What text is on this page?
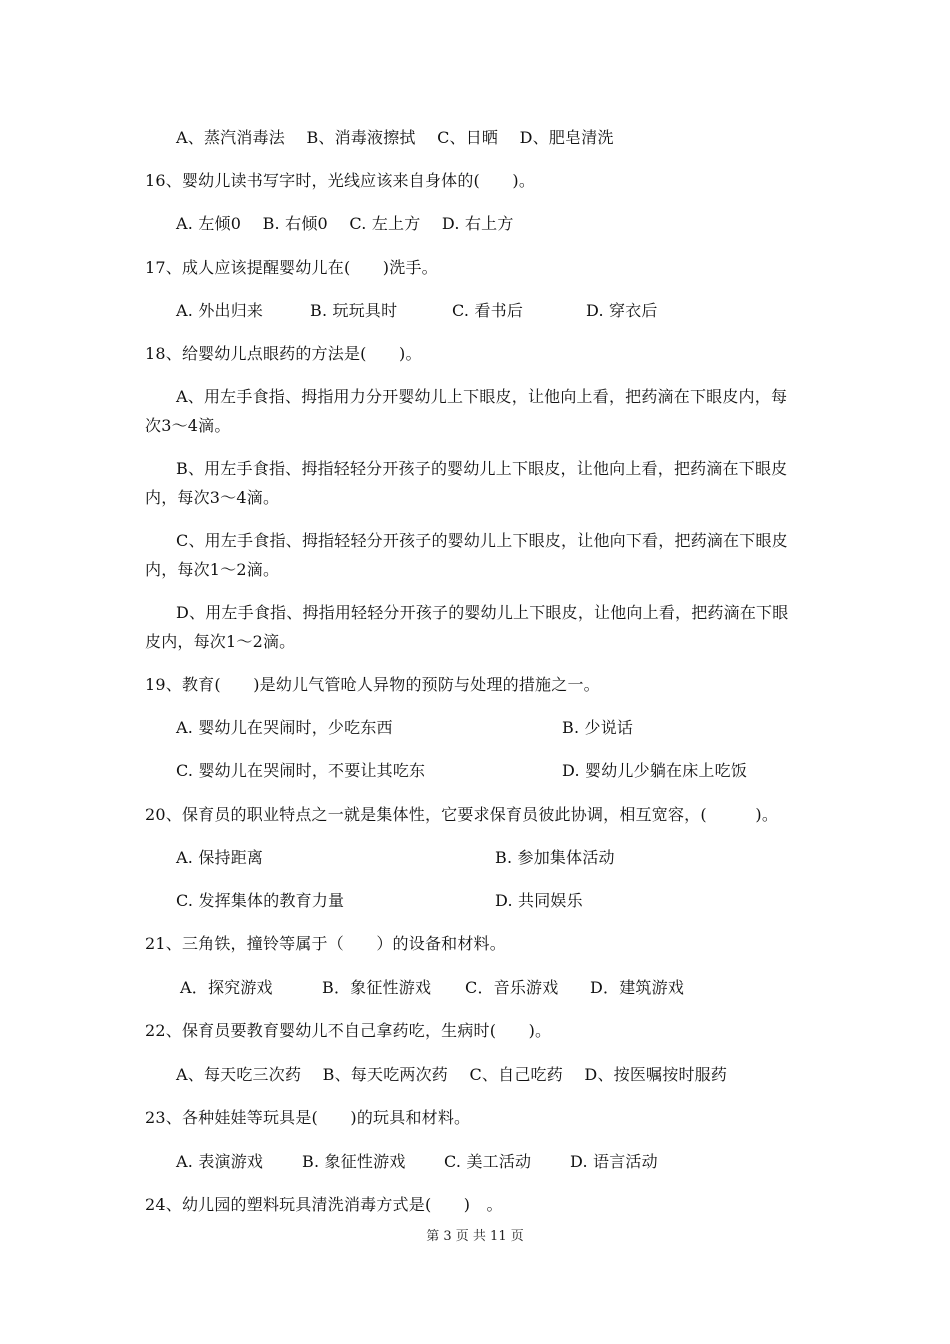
A、蒸汽消毒法　 B、消毒液擦拭　 C、日晒　 D、肥皂清洗
16、婴幼儿读书写字时，光线应该来自身体的(　　)。
A. 左倾0　 B. 右倾0　 C. 左上方　 D. 右上方
17、成人应该提醒婴幼儿在(　　)洗手。
A. 外出归来	B. 玩玩具时	C. 看书后	D. 穿衣后
18、给婴幼儿点眼药的方法是(　　)。
A、用左手食指、拇指用力分开婴幼儿上下眼皮，让他向上看，把药滴在下眼皮内，每
次3～4滴。
B、用左手食指、拇指轻轻分开孩子的婴幼儿上下眼皮，让他向上看，把药滴在下眼皮
内，每次3～4滴。
C、用左手食指、拇指轻轻分开孩子的婴幼儿上下眼皮，让他向下看，把药滴在下眼皮
内，每次1～2滴。
D、用左手食指、拇指用轻轻分开孩子的婴幼儿上下眼皮，让他向上看，把药滴在下眼
皮内，每次1～2滴。
19、教育(　　)是幼儿气管呛人异物的预防与处理的措施之一。
A. 婴幼儿在哭闹时，少吃东西	B. 少说话
C. 婴幼儿在哭闹时，不要让其吃东	D. 婴幼儿少躺在床上吃饭
20、保育员的职业特点之一就是集体性，它要求保育员彼此协调，相互宽容，(　　　)。
A. 保持距离	B. 参加集体活动
C. 发挥集体的教育力量	D. 共同娱乐
21、三角铁，撞铃等属于（　　）的设备和材料。
A．探究游戏	B．象征性游戏 C．音乐游戏 D．建筑游戏
22、保育员要教育婴幼儿不自己拿药吃，生病时(　　)。
A、每天吃三次药　 B、每天吃两次药　 C、自己吃药　 D、按医嘱按时服药
23、各种娃娃等玩具是(　　)的玩具和材料。
A. 表演游戏 B. 象征性游戏 C. 美工活动 D. 语言活动
24、幼儿园的塑料玩具清洗消毒方式是(　　)　。
第 3 页 共 11 页
